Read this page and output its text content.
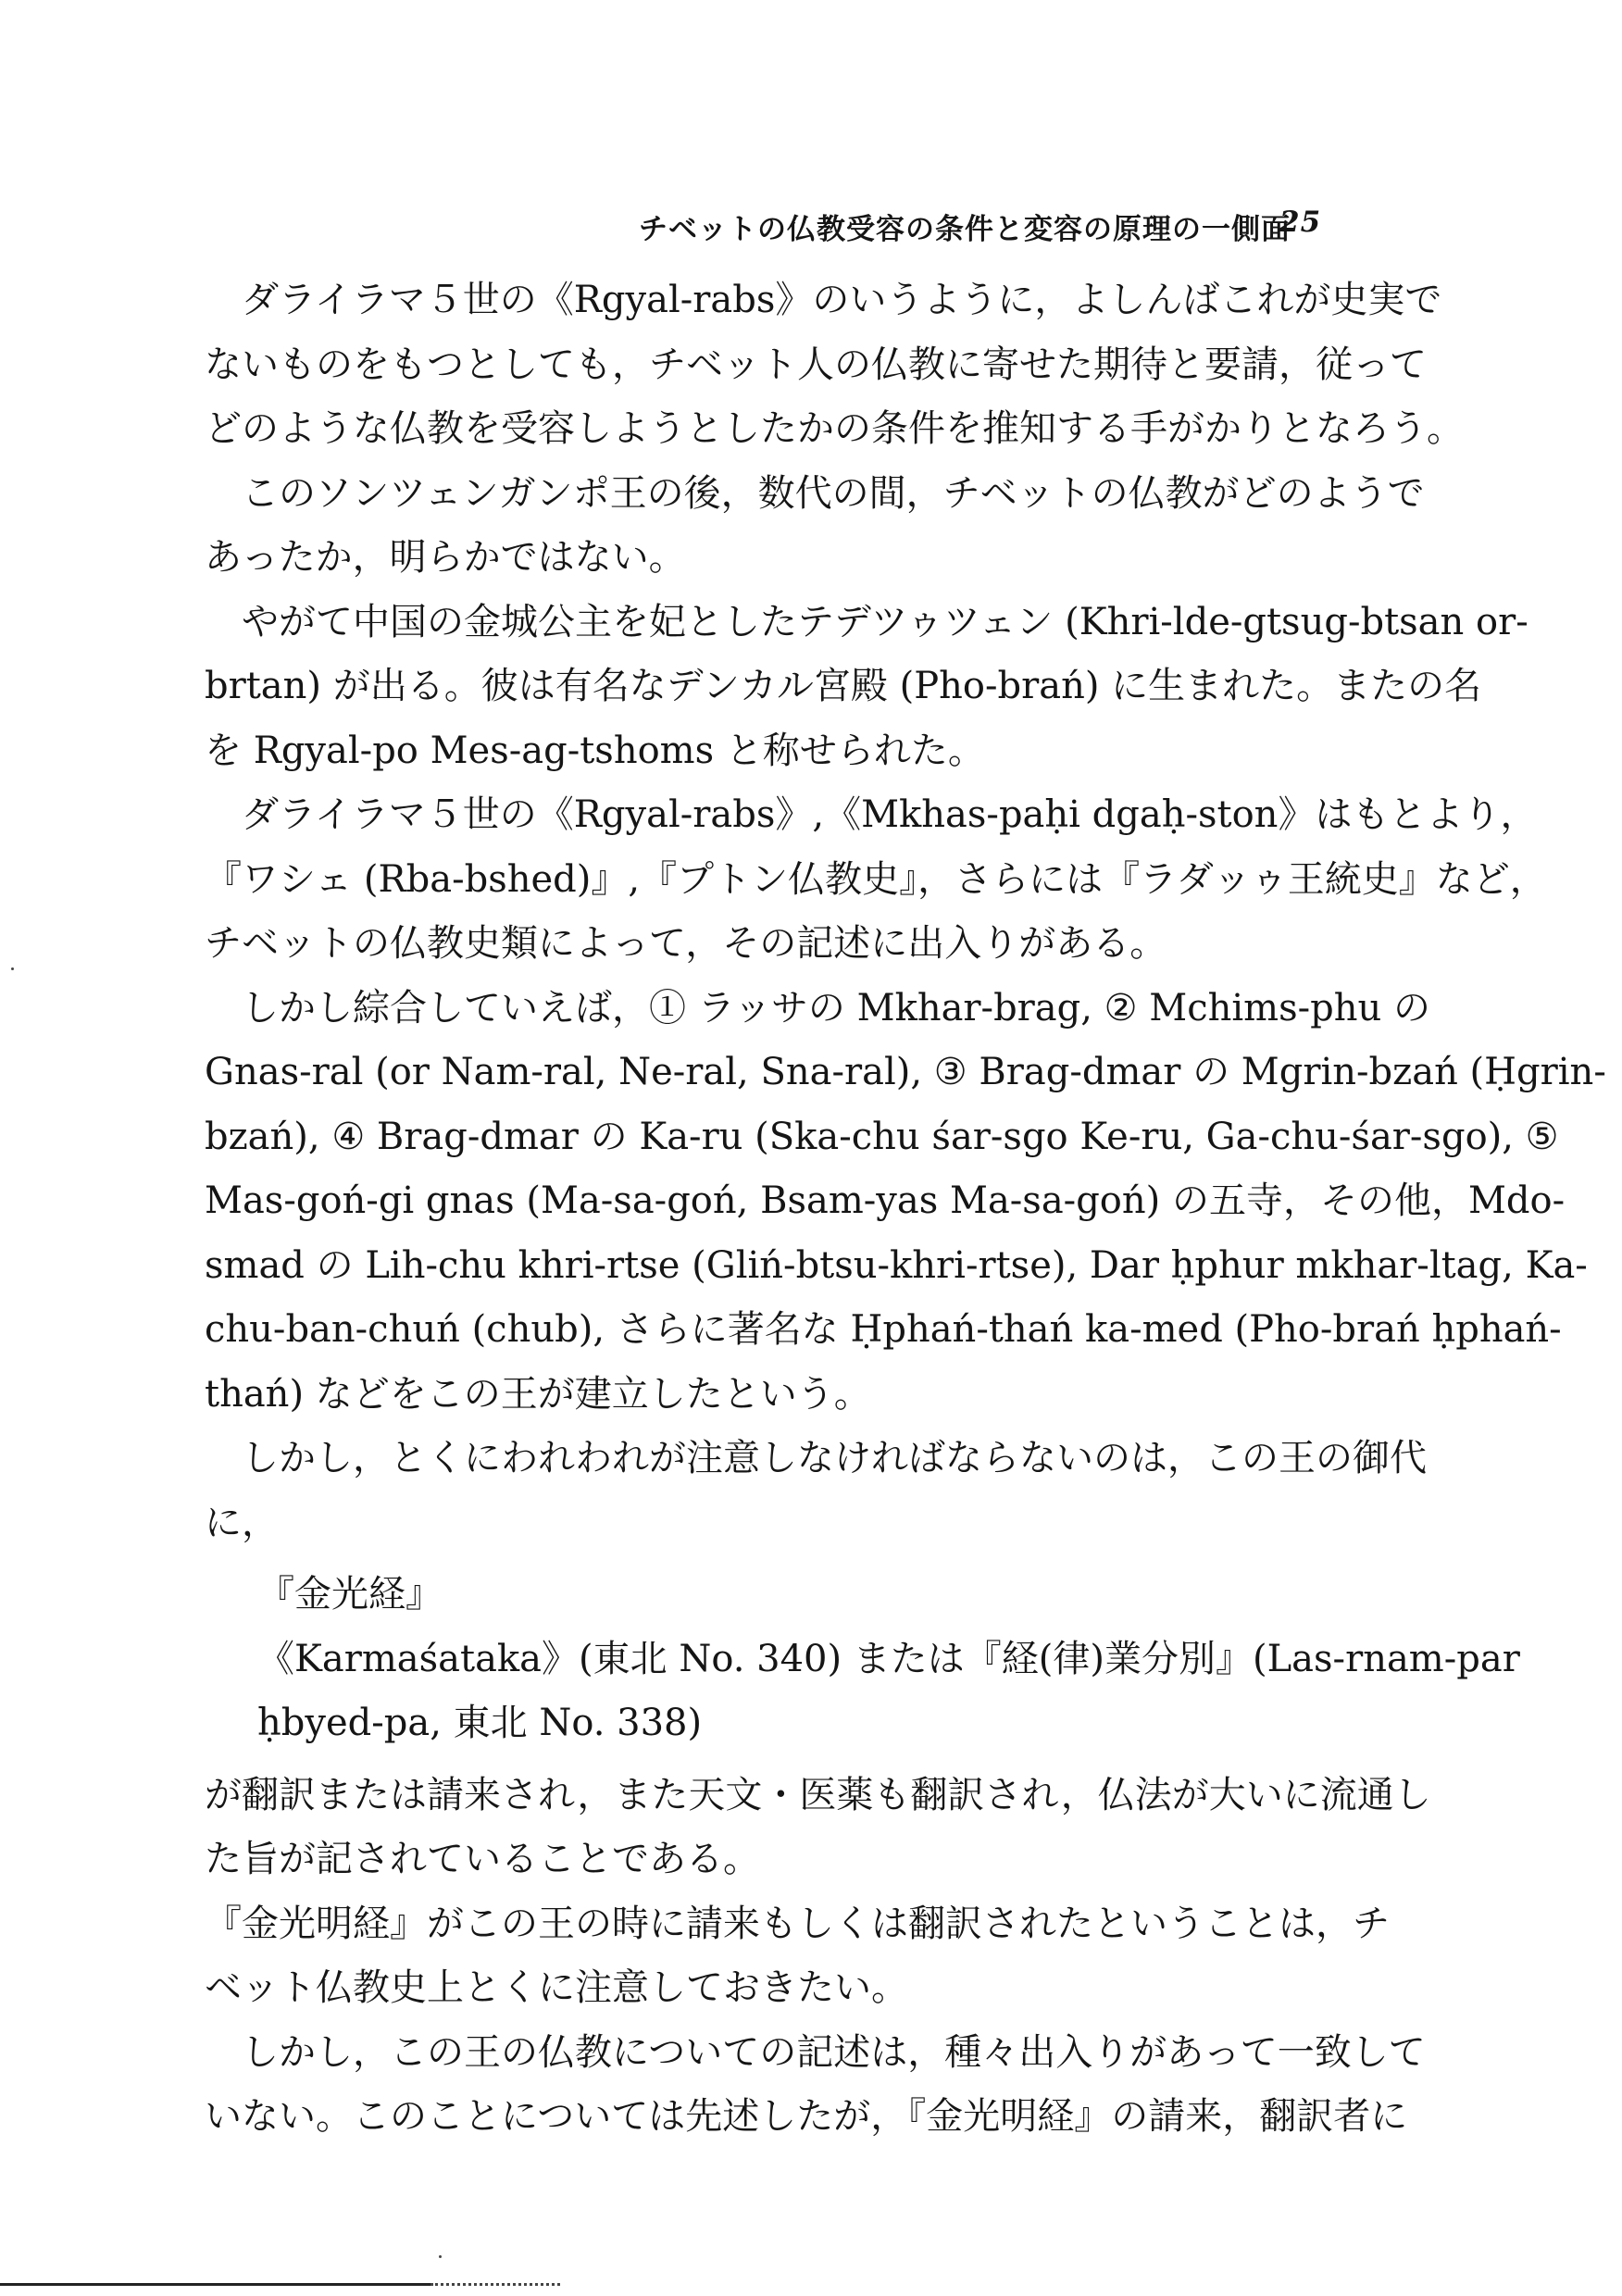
チベットの仏教受容の条件と変容の原理の一側面
25
ダライラマ５世の《Rgyal-rabs》のいうように，よしんばこれが史実で
ないものをもつとしても，チベット人の仏教に寄せた期待と要請，従って
どのような仏教を受容しようとしたかの条件を推知する手がかりとなろう。
このソンツェンガンポ王の後，数代の間，チベットの仏教がどのようで
あったか，明らかではない。
やがて中国の金城公主を妃としたテデツゥツェン (Khri-lde-gtsug-btsan or-
brtan) が出る。彼は有名なデンカル宮殿 (Pho-brań) に生まれた。またの名
を Rgyal-po Mes-ag-tshoms と称せられた。
ダライラマ５世の《Rgyal-rabs》,《Mkhas-paḥi dgaḥ-ston》はもとより，
『ワシェ (Rba-bshed)』,『プトン仏教史』，さらには『ラダッゥ王統史』など，
チベットの仏教史類によって，その記述に出入りがある。
しかし綜合していえば，① ラッサの Mkhar-brag, ② Mchims-phu の
Gnas-ral (or Nam-ral, Ne-ral, Sna-ral), ③ Brag-dmar の Mgrin-bzań (Ḥgrin-
bzań), ④ Brag-dmar の Ka-ru (Ska-chu śar-sgo Ke-ru, Ga-chu-śar-sgo), ⑤
Mas-goń-gi gnas (Ma-sa-goń, Bsam-yas Ma-sa-goń) の五寺，その他，Mdo-
smad の Lih-chu khri-rtse (Gliń-btsu-khri-rtse), Dar ḥphur mkhar-ltag, Ka-
chu-ban-chuń (chub), さらに著名な Ḥphań-thań ka-med (Pho-brań ḥphań-
thań) などをこの王が建立したという。
しかし，とくにわれわれが注意しなければならないのは，この王の御代
に，
『金光経』
《Karmaśataka》(東北 No. 340) または『経(律)業分別』(Las-rnam-par
ḥbyed-pa, 東北 No. 338)
が翻訳または請来され，また天文・医薬も翻訳され，仏法が大いに流通し
た旨が記されていることである。
『金光明経』がこの王の時に請来もしくは翻訳されたということは，チ
ベット仏教史上とくに注意しておきたい。
しかし，この王の仏教についての記述は，種々出入りがあって一致して
いない。このことについては先述したが，『金光明経』の請来，翻訳者に
